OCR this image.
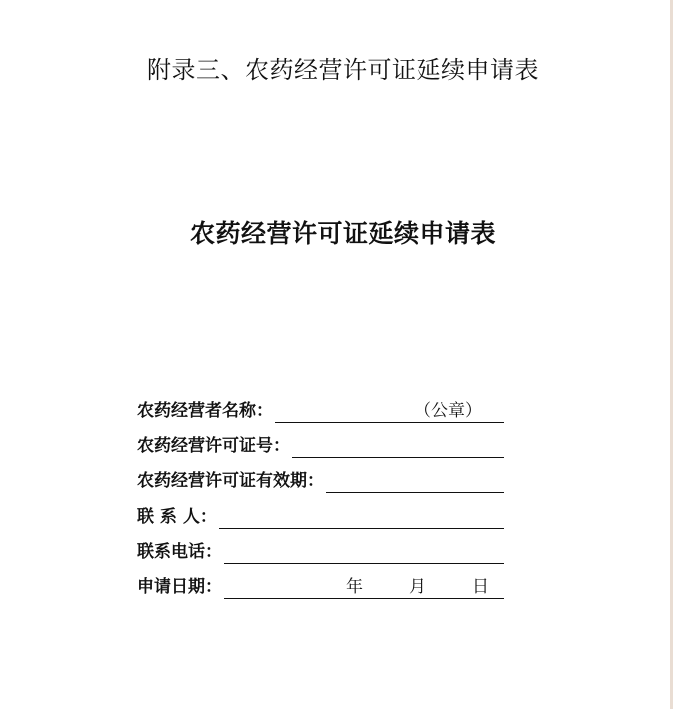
附录三、农药经营许可证延续申请表
农药经营许可证延续申请表
农药经营者名称：	（公章）
农药经营许可证号：
农药经营许可证有效期：
联 系 人：
联系电话：
申请日期：	年	月	日
